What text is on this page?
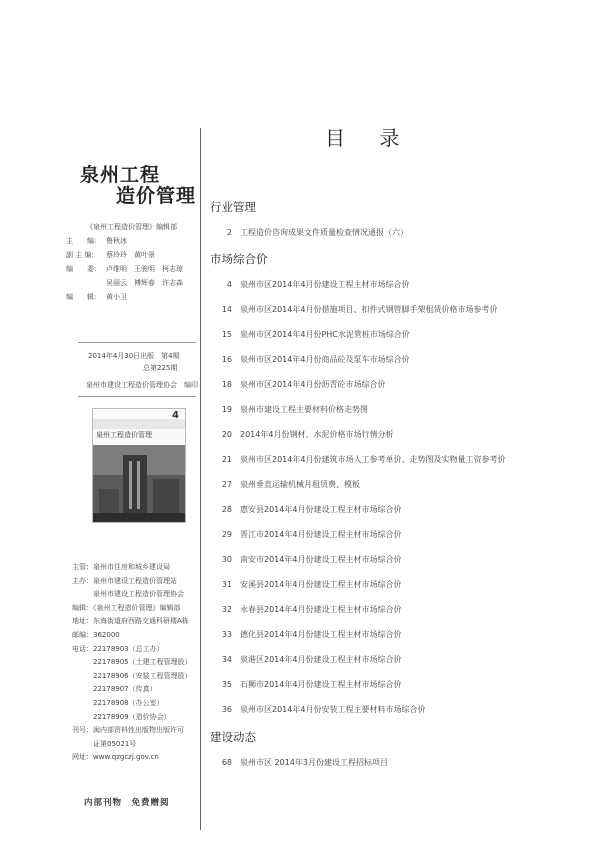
泉州工程
造价管理
《泉州工程造价管理》编辑部
主　　编: 鲁秋冰
副 主 编: 蔡玲玲　黄叶景
编　　委: 卢维明　王骏明　柯志琼
吴丽云　傅辉春　许志森
编　　辑: 黄小卫
2014年4月30日出版　第4期
总第225期
泉州市建设工程造价管理协会　编印
泉州工程造价管理
4
主管：泉州市住房和城乡建设局
主办：泉州市建设工程造价管理站
　　　泉州市建设工程造价管理协会
编辑：《泉州工程造价管理》编辑部
地址：东海街道府西路交通科研楼A栋
邮编：362000
电话：22178903（总工办）
　　　22178905（土建工程管理股）
　　　22178906（安装工程管理股）
　　　22178907（传真）
　　　22178908（办公室）
　　　22178909（造价协会）
刊号：闽内部资料性出版物出版许可
　　　证第05021号
网址：www.qzgczj.gov.cn
内部刊物　免费赠阅
目 录
行业管理
2 工程造价咨询成果文件质量检查情况通报（六）
市场综合价
4 泉州市区2014年4月份建设工程主材市场综合价
14 泉州市区2014年4月份措施项目、扣件式钢管脚手架租赁价格市场参考价
15 泉州市区2014年4月份PHC水泥管桩市场综合价
16 泉州市区2014年4月份商品砼及泵车市场综合价
18 泉州市区2014年4月份沥青砼市场综合价
19 泉州市建设工程主要材料价格走势图
20 2014年4月份钢材、水泥价格市场行情分析
21 泉州市区2014年4月份建筑市场人工参考单价、走势图及实物量工资参考价
27 泉州垂直运输机械月租赁费、模板
28 惠安县2014年4月份建设工程主材市场综合价
29 晋江市2014年4月份建设工程主材市场综合价
30 南安市2014年4月份建设工程主材市场综合价
31 安溪县2014年4月份建设工程主材市场综合价
32 永春县2014年4月份建设工程主材市场综合价
33 德化县2014年4月份建设工程主材市场综合价
34 泉港区2014年4月份建设工程主材市场综合价
35 石狮市2014年4月份建设工程主材市场综合价
36 泉州市区2014年4月份安装工程主要材料市场综合价
建设动态
68 泉州市区 2014年3月份建设工程招标项目
